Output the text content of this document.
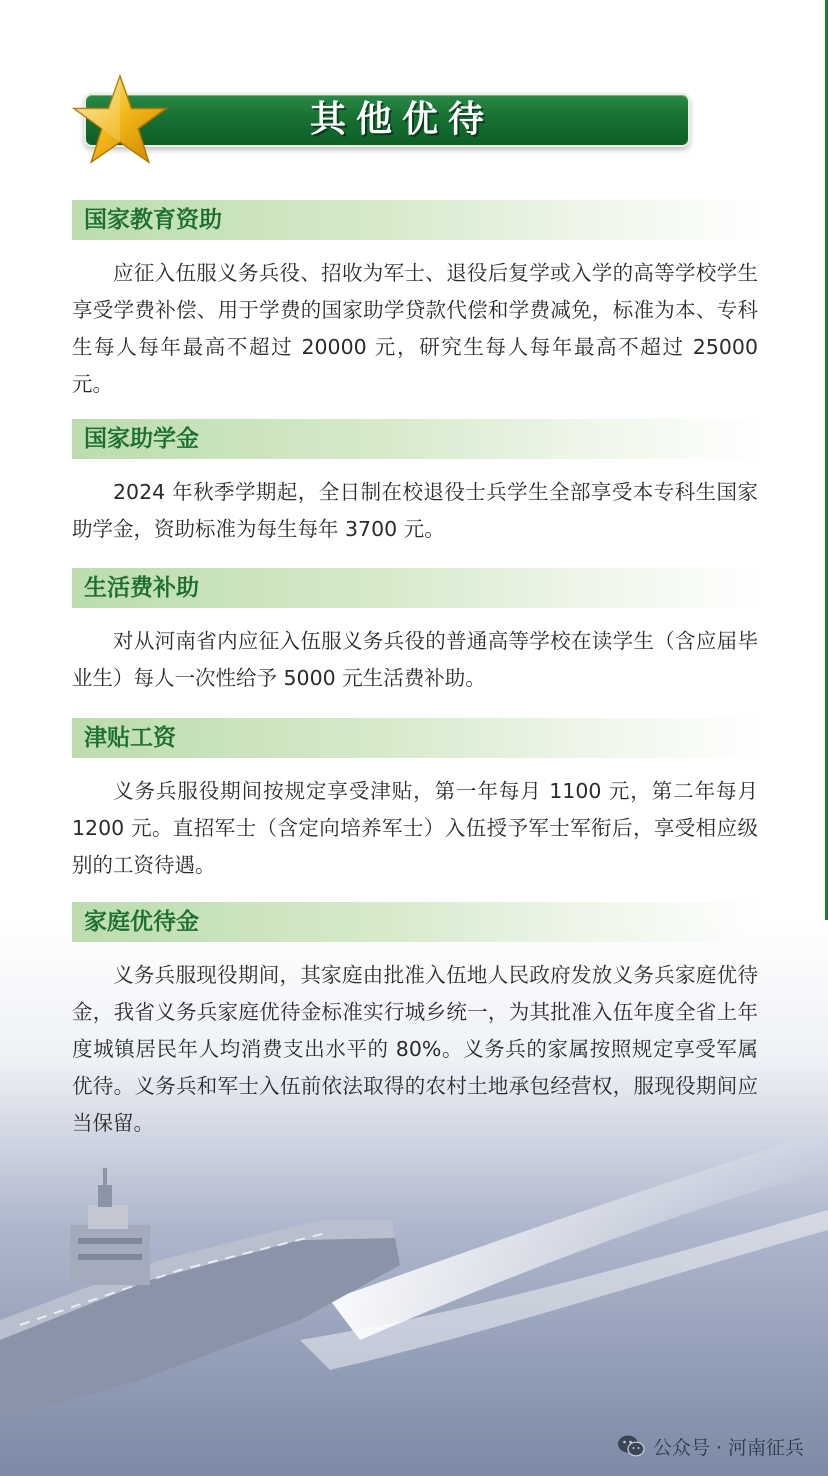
其他优待
国家教育资助
应征入伍服义务兵役、招收为军士、退役后复学或入学的高等学校学生享受学费补偿、用于学费的国家助学贷款代偿和学费减免，标准为本、专科生每人每年最高不超过 20000 元，研究生每人每年最高不超过 25000 元。
国家助学金
2024 年秋季学期起，全日制在校退役士兵学生全部享受本专科生国家助学金，资助标准为每生每年 3700 元。
生活费补助
对从河南省内应征入伍服义务兵役的普通高等学校在读学生（含应届毕业生）每人一次性给予 5000 元生活费补助。
津贴工资
义务兵服役期间按规定享受津贴，第一年每月 1100 元，第二年每月 1200 元。直招军士（含定向培养军士）入伍授予军士军衔后，享受相应级别的工资待遇。
家庭优待金
义务兵服现役期间，其家庭由批准入伍地人民政府发放义务兵家庭优待金，我省义务兵家庭优待金标准实行城乡统一，为其批准入伍年度全省上年度城镇居民年人均消费支出水平的 80%。义务兵的家属按照规定享受军属优待。义务兵和军士入伍前依法取得的农村土地承包经营权，服现役期间应当保留。
公众号 · 河南征兵
